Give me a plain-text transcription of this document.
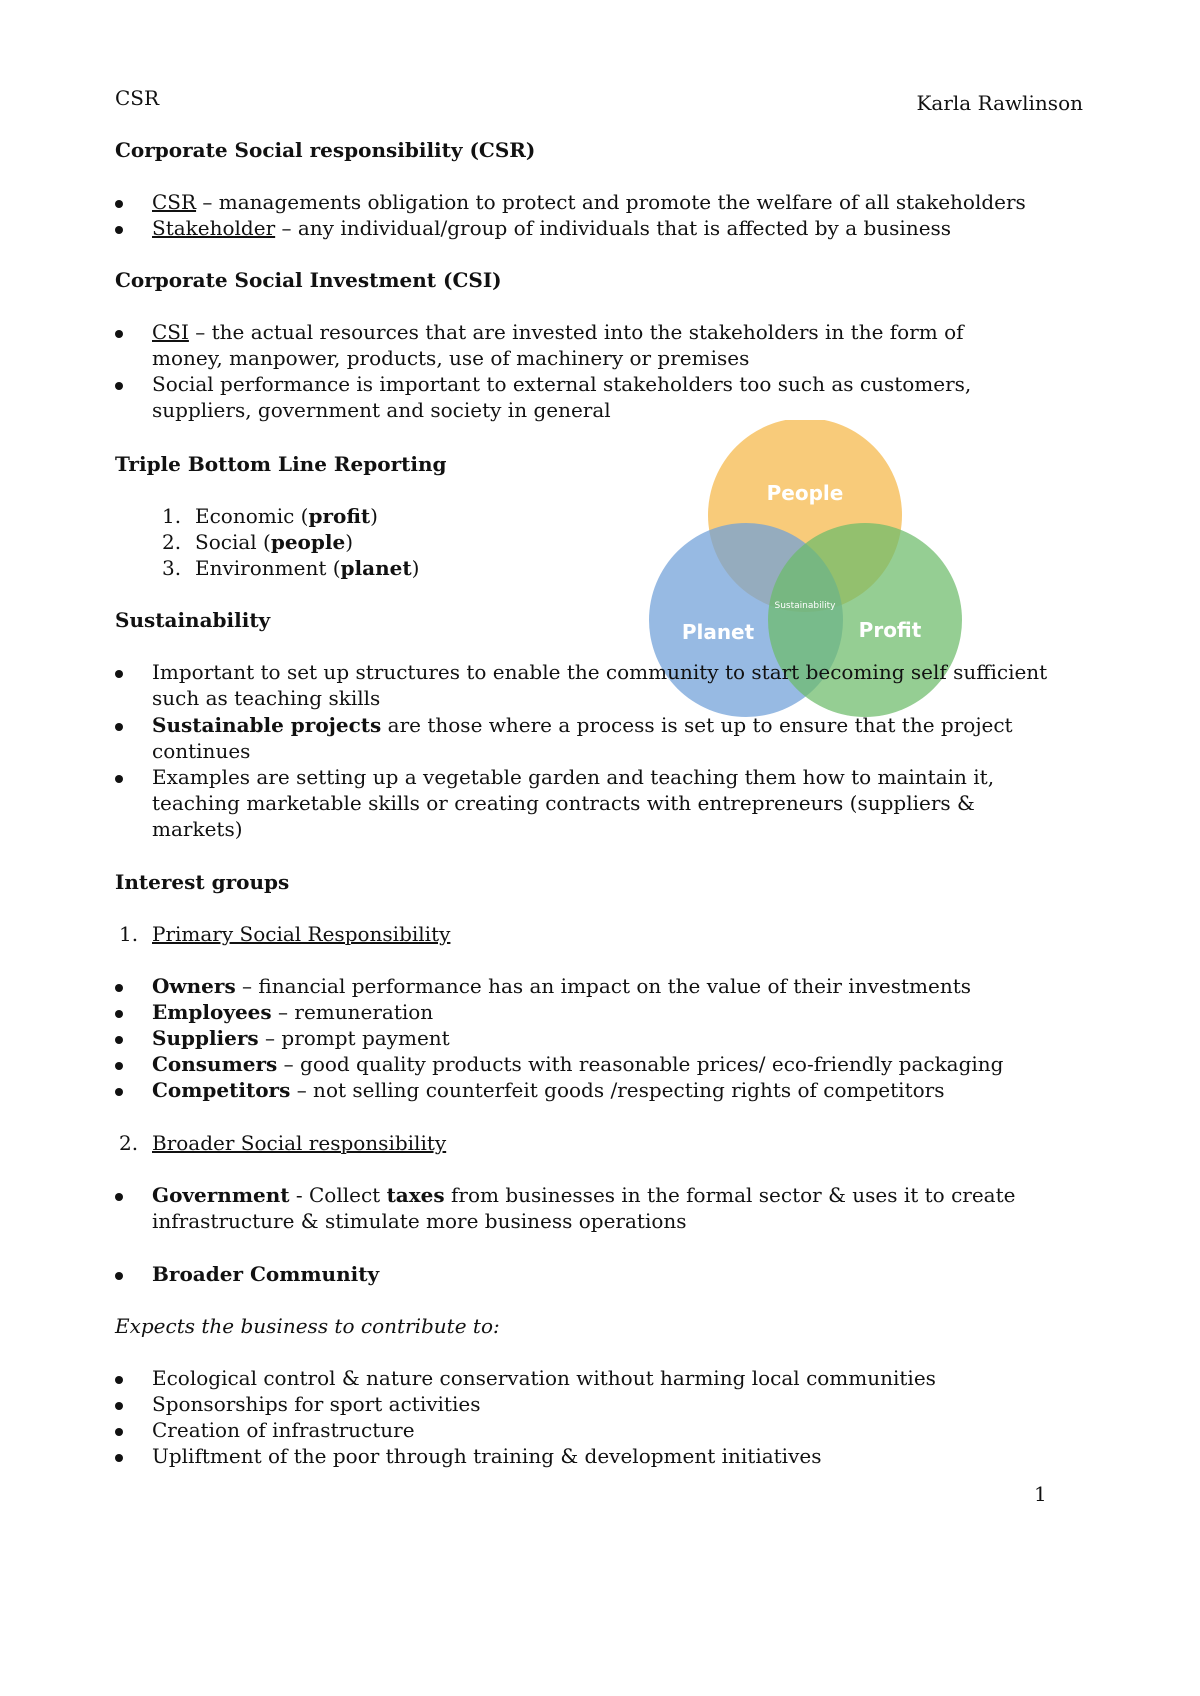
CSR	Karla Rawlinson
Corporate Social responsibility (CSR)
CSR – managements obligation to protect and promote the welfare of all stakeholders
Stakeholder – any individual/group of individuals that is affected by a business
Corporate Social Investment (CSI)
CSI – the actual resources that are invested into the stakeholders in the form of
money, manpower, products, use of machinery or premises
Social performance is important to external stakeholders too such as customers,
suppliers, government and society in general
Triple Bottom Line Reporting
1. Economic (profit)
2. Social (people)
3. Environment (planet)
People
Planet	Profit
Sustainability
Sustainability
Important to set up structures to enable the community to start becoming self sufficient
such as teaching skills
Sustainable projects are those where a process is set up to ensure that the project
continues
Examples are setting up a vegetable garden and teaching them how to maintain it,
teaching marketable skills or creating contracts with entrepreneurs (suppliers &
markets)
Interest groups
1. Primary Social Responsibility
Owners – financial performance has an impact on the value of their investments
Employees – remuneration
Suppliers – prompt payment
Consumers – good quality products with reasonable prices/ eco-friendly packaging
Competitors – not selling counterfeit goods /respecting rights of competitors
2. Broader Social responsibility
Government - Collect taxes from businesses in the formal sector & uses it to create
infrastructure & stimulate more business operations
Broader Community
Expects the business to contribute to:
Ecological control & nature conservation without harming local communities
Sponsorships for sport activities
Creation of infrastructure
Upliftment of the poor through training & development initiatives
1
